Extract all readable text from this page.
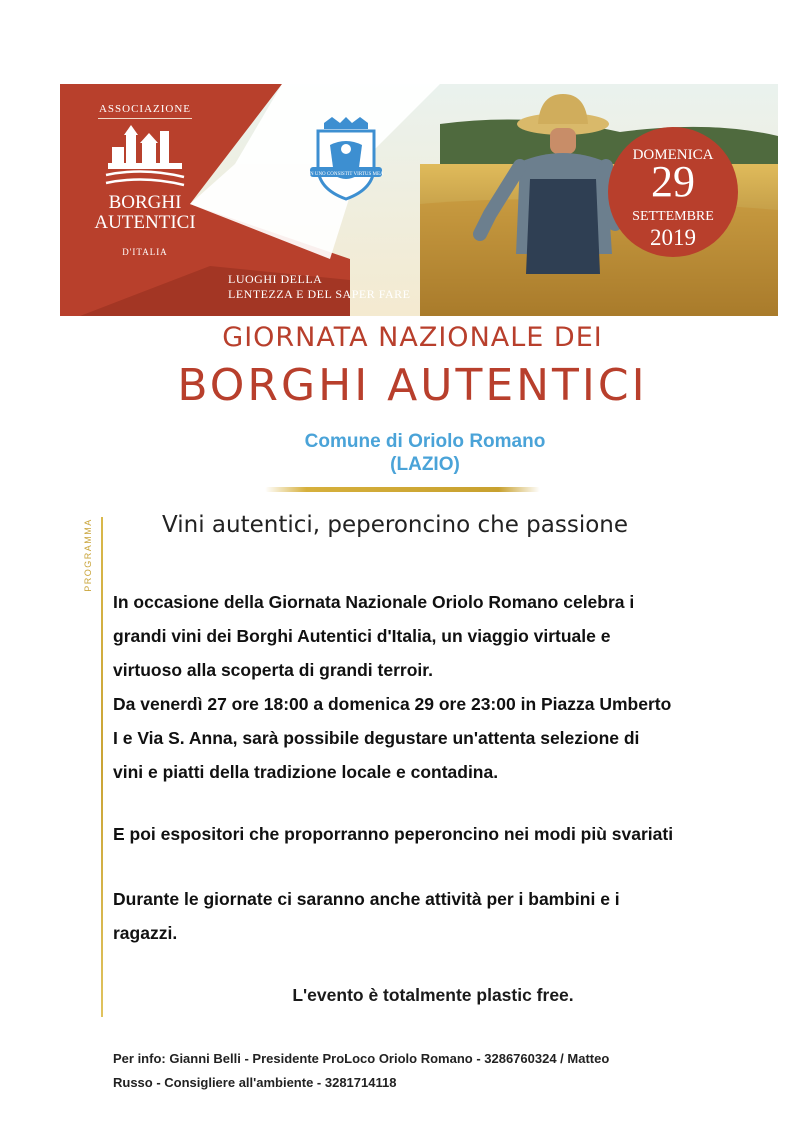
ASSOCIAZIONE
BORGHI
AUTENTICI
D'ITALIA
IN UNO CONSISTIT VIRTUS MEA
LUOGHI DELLA
LENTEZZA E DEL SAPER FARE
DOMENICA
29
SETTEMBRE
2019
GIORNATA NAZIONALE DEI
BORGHI AUTENTICI
Comune di Oriolo Romano
(LAZIO)
PROGRAMMA	Vini autentici, peperoncino che passione
In occasione della Giornata Nazionale Oriolo Romano celebra i
grandi vini dei Borghi Autentici d'Italia, un viaggio virtuale e
virtuoso alla scoperta di grandi terroir.
Da venerdì 27 ore 18:00 a domenica 29 ore 23:00 in Piazza Umberto
I e Via S. Anna, sarà possibile degustare un'attenta selezione di
vini e piatti della tradizione locale e contadina.
E poi espositori che proporranno peperoncino nei modi più svariati
Durante le giornate ci saranno anche attività per i bambini e i
ragazzi.
L'evento è totalmente plastic free.
Per info: Gianni Belli - Presidente ProLoco Oriolo Romano - 3286760324 / Matteo
Russo - Consigliere all'ambiente - 3281714118
